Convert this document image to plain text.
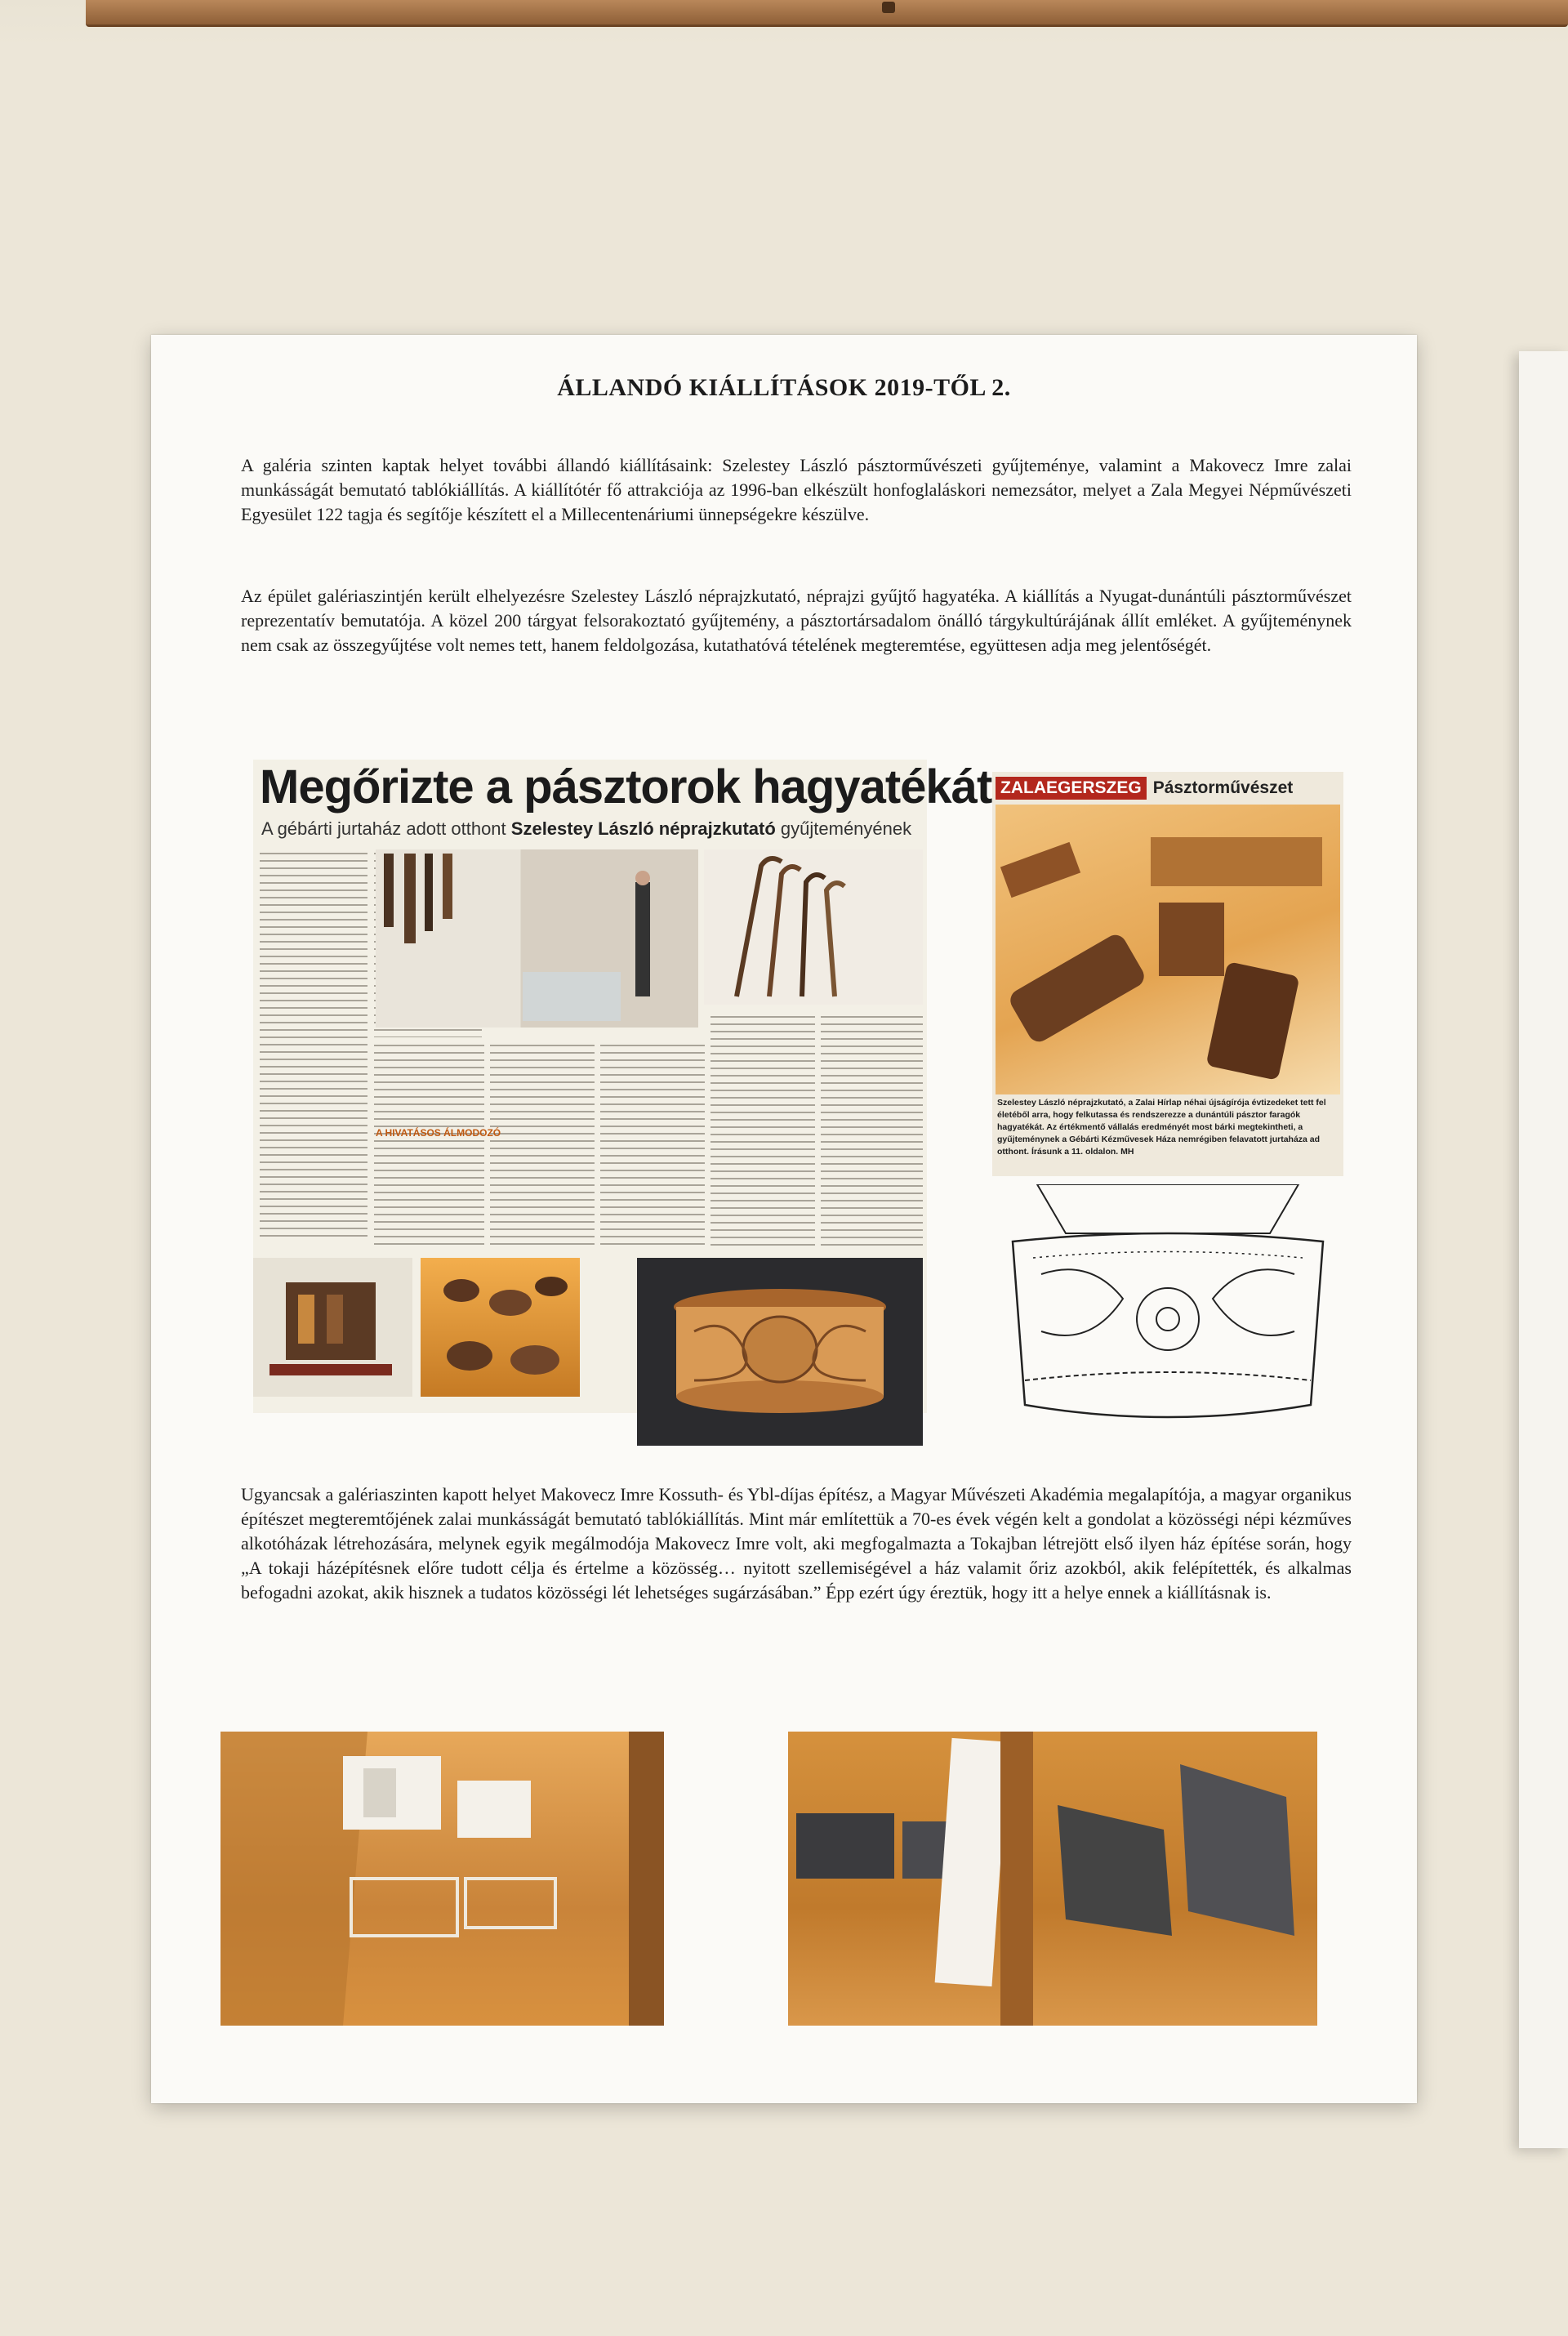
ÁLLANDÓ KIÁLLÍTÁSOK 2019-TŐL 2.

A galéria szinten kaptak helyet további állandó kiállításaink: Szelestey László pásztorművészeti gyűjteménye, valamint a Makovecz Imre zalai munkásságát bemutató tablókiállítás. A kiállítótér fő attrakciója az 1996-ban elkészült honfoglaláskori nemezsátor, melyet a Zala Megyei Népművészeti Egyesület 122 tagja és segítője készített el a Millecentenáriumi ünnepségekre készülve.

Az épület galériaszintjén került elhelyezésre Szelestey László néprajzkutató, néprajzi gyűjtő hagyatéka. A kiállítás a Nyugat-dunántúli pásztorművészet reprezentatív bemutatója. A közel 200 tárgyat felsorakoztató gyűjtemény, a pásztortársadalom önálló tárgykultúrájának állít emléket. A gyűjteménynek nem csak az összegyűjtése volt nemes tett, hanem feldolgozása, kutathatóvá tételének megteremtése, együttesen adja meg jelentőségét.

Megőrizte a pásztorok hagyatékát
A gébárti jurtaház adott otthont Szelestey László néprajzkutató gyűjteményének
A HIVATÁSOS ÁLMODOZÓ
ZALAEGERSZEG Pásztorművészet
Szelestey László néprajzkutató, a Zalai Hírlap néhai újságírója évtizedeket tett fel életéből arra, hogy felkutassa és rendszerezze a dunántúli pásztor faragók hagyatékát. Az értékmentő vállalás eredményét most bárki megtekintheti, a gyűjteménynek a Gébárti Kézművesek Háza nemrégiben felavatott jurtaháza ad otthont. Írásunk a 11. oldalon. MH

Ugyancsak a galériaszinten kapott helyet Makovecz Imre Kossuth- és Ybl-díjas építész, a Magyar Művészeti Akadémia megalapítója, a magyar organikus építészet megteremtőjének zalai munkásságát bemutató tablókiállítás. Mint már említettük a 70-es évek végén kelt a gondolat a közösségi népi kézműves alkotóházak létrehozására, melynek egyik megálmodója Makovecz Imre volt, aki megfogalmazta a Tokajban létrejött első ilyen ház építése során, hogy „A tokaji házépítésnek előre tudott célja és értelme a közösség… nyitott szellemiségével a ház valamit őriz azokból, akik felépítették, és alkalmas befogadni azokat, akik hisznek a tudatos közösségi lét lehetséges sugárzásában.” Épp ezért úgy éreztük, hogy itt a helye ennek a kiállításnak is.
